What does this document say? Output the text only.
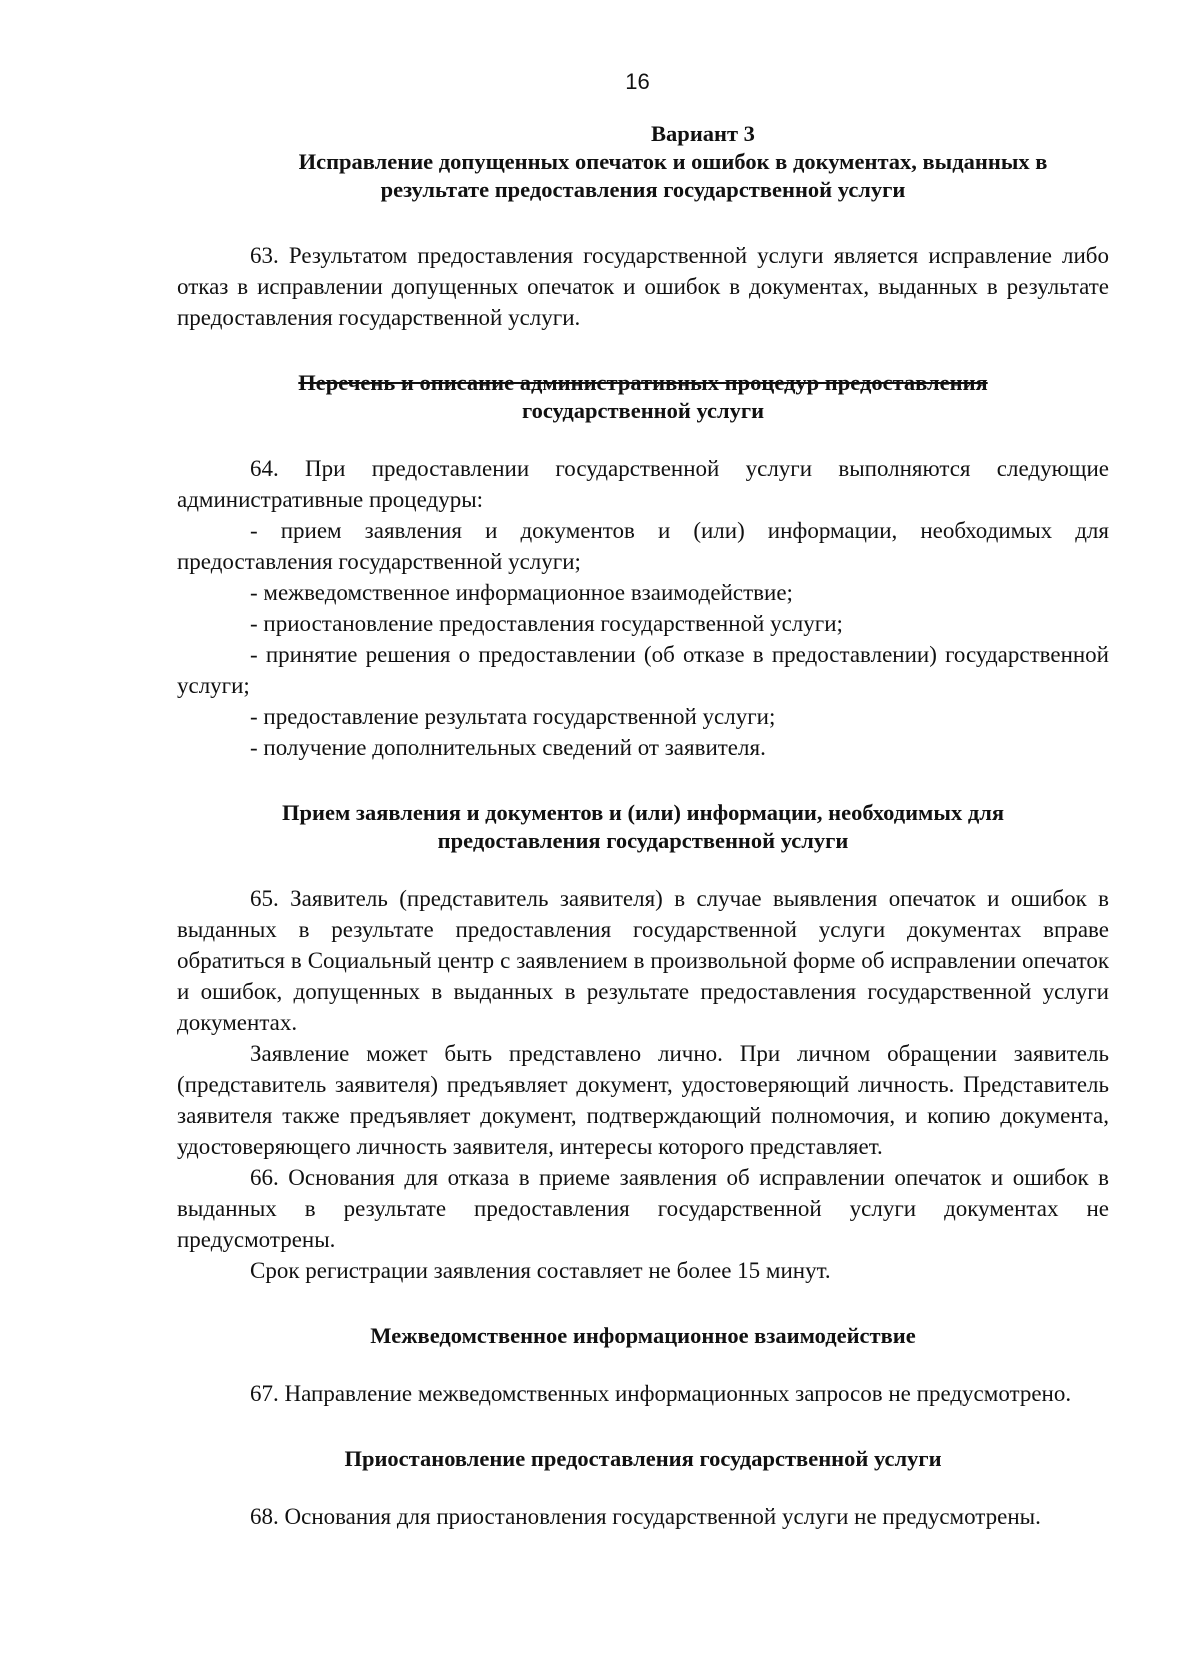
16
Вариант 3
Исправление допущенных опечаток и ошибок в документах, выданных в
результате предоставления государственной услуги

63. Результатом предоставления государственной услуги является исправление либо отказ в исправлении допущенных опечаток и ошибок в документах, выданных в результате предоставления государственной услуги.

Перечень и описание административных процедур предоставления
государственной услуги

64. При предоставлении государственной услуги выполняются следующие административные процедуры:

- прием заявления и документов и (или) информации, необходимых для предоставления государственной услуги;

- межведомственное информационное взаимодействие;

- приостановление предоставления государственной услуги;

- принятие решения о предоставлении (об отказе в предоставлении) государственной услуги;

- предоставление результата государственной услуги;

- получение дополнительных сведений от заявителя.

Прием заявления и документов и (или) информации, необходимых для
предоставления государственной услуги

65. Заявитель (представитель заявителя) в случае выявления опечаток и ошибок в выданных в результате предоставления государственной услуги документах вправе обратиться в Социальный центр с заявлением в произвольной форме об исправлении опечаток и ошибок, допущенных в выданных в результате предоставления государственной услуги документах.

Заявление может быть представлено лично. При личном обращении заявитель (представитель заявителя) предъявляет документ, удостоверяющий личность. Представитель заявителя также предъявляет документ, подтверждающий полномочия, и копию документа, удостоверяющего личность заявителя, интересы которого представляет.

66. Основания для отказа в приеме заявления об исправлении опечаток и ошибок в выданных в результате предоставления государственной услуги документах не предусмотрены.

Срок регистрации заявления составляет не более 15 минут.

Межведомственное информационное взаимодействие

67. Направление межведомственных информационных запросов не предусмотрено.

Приостановление предоставления государственной услуги

68. Основания для приостановления государственной услуги не предусмотрены.
